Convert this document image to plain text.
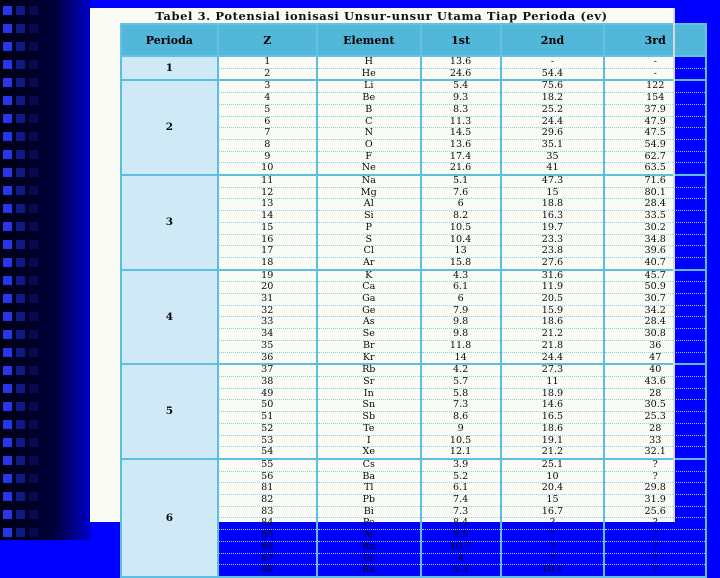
Tabel 3. Potensial ionisasi Unsur-unsur Utama Tiap Perioda (ev)
Perioda	Z	Element	1st	2nd	3rd
1	1	H	13.6	-	-
	2	He	24.6	54.4	-
2	3	Li	5.4	75.6	122
	4	Be	9.3	18.2	154
	5	B	8.3	25.2	37.9
	6	C	11.3	24.4	47.9
	7	N	14.5	29.6	47.5
	8	O	13.6	35.1	54.9
	9	F	17.4	35	62.7
	10	Ne	21.6	41	63.5
3	11	Na	5.1	47.3	71.6
	12	Mg	7.6	15	80.1
	13	Al	6	18.8	28.4
	14	Si	8.2	16.3	33.5
	15	P	10.5	19.7	30.2
	16	S	10.4	23.3	34.8
	17	Cl	13	23.8	39.6
	18	Ar	15.8	27.6	40.7
4	19	K	4.3	31.6	45.7
	20	Ca	6.1	11.9	50.9
	31	Ga	6	20.5	30.7
	32	Ge	7.9	15.9	34.2
	33	As	9.8	18.6	28.4
	34	Se	9.8	21.2	30.8
	35	Br	11.8	21.8	36
	36	Kr	14	24.4	47
5	37	Rb	4.2	27.3	40
	38	Sr	5.7	11	43.6
	49	In	5.8	18.9	28
	50	Sn	7.3	14.6	30.5
	51	Sb	8.6	16.5	25.3
	52	Te	9	18.6	28
	53	I	10.5	19.1	33
	54	Xe	12.1	21.2	32.1
6	55	Cs	3.9	25.1	?
	56	Ba	5.2	10	?
	81	Tl	6.1	20.4	29.8
	82	Pb	7.4	15	31.9
	83	Bi	7.3	16.7	25.6
	84	Po	8.4	?	?
	85	At	9.5	?	?
	86	Rn	10.7	?	?
	87	Fr	4	?	?
	88	Ra	5.3	10.1	?
